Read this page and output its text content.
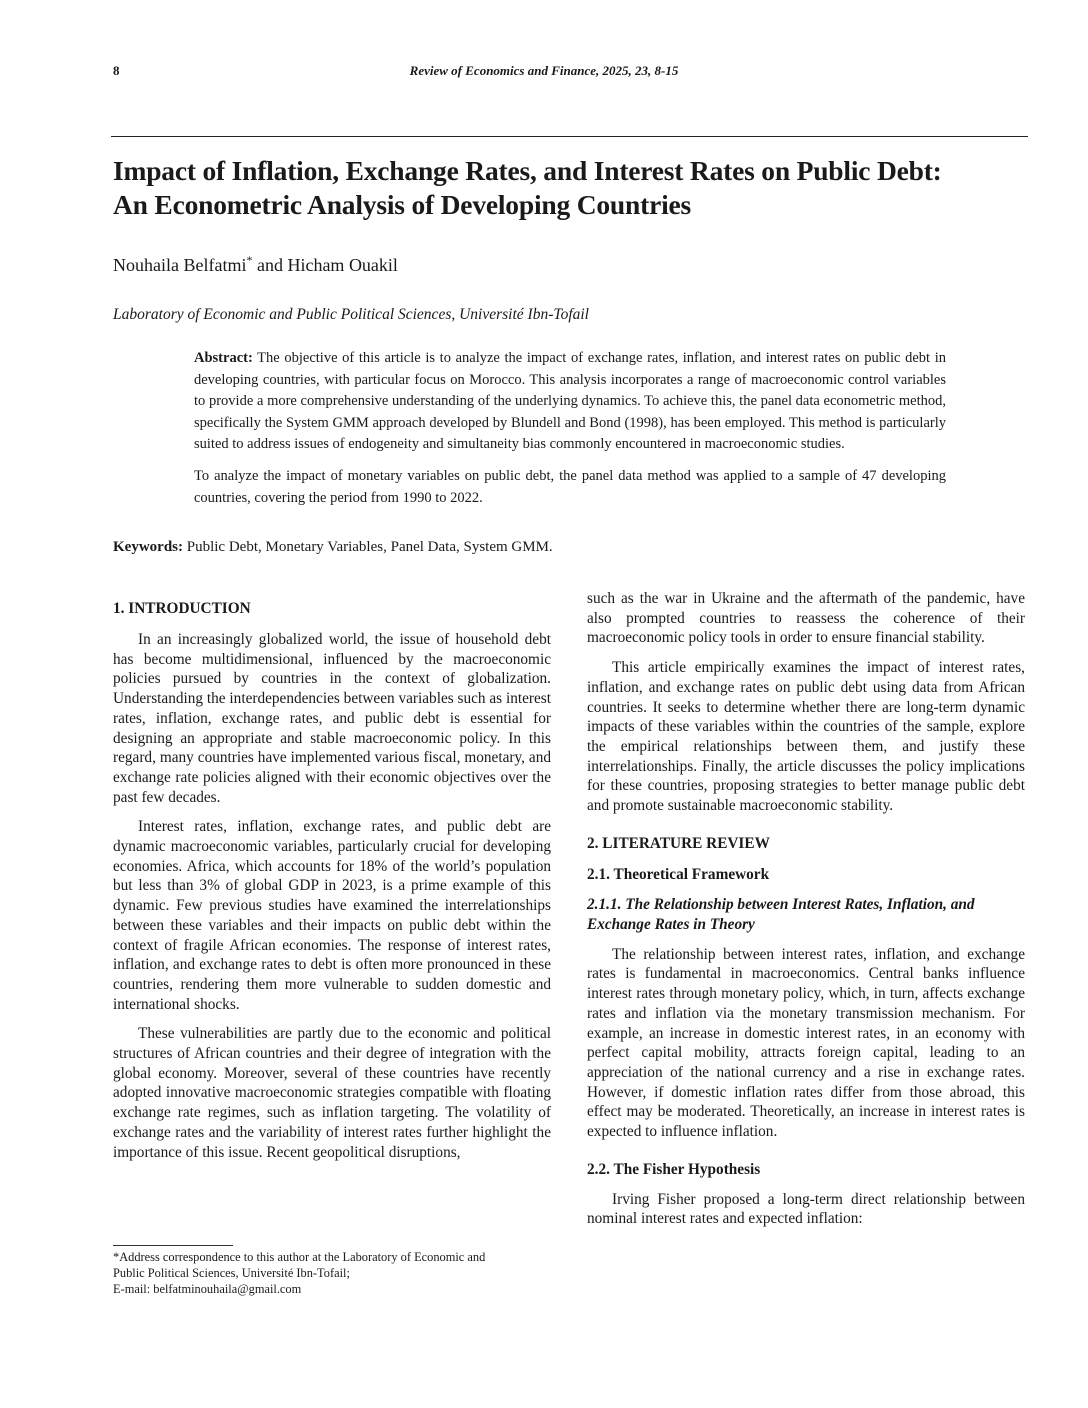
8	Review of Economics and Finance, 2025, 23, 8-15
Impact of Inflation, Exchange Rates, and Interest Rates on Public Debt:
An Econometric Analysis of Developing Countries
Nouhaila Belfatmi* and Hicham Ouakil
Laboratory of Economic and Public Political Sciences, Université Ibn-Tofail

Abstract: The objective of this article is to analyze the impact of exchange rates, inflation, and interest rates on public debt in developing countries, with particular focus on Morocco. This analysis incorporates a range of macroeconomic control variables to provide a more comprehensive understanding of the underlying dynamics. To achieve this, the panel data econometric method, specifically the System GMM approach developed by Blundell and Bond (1998), has been employed. This method is particularly suited to address issues of endogeneity and simultaneity bias commonly encountered in macroeconomic studies.

To analyze the impact of monetary variables on public debt, the panel data method was applied to a sample of 47 developing countries, covering the period from 1990 to 2022.

Keywords: Public Debt, Monetary Variables, Panel Data, System GMM.
1. INTRODUCTION

In an increasingly globalized world, the issue of household debt has become multidimensional, influenced by the macroeconomic policies pursued by countries in the context of globalization. Understanding the interdependencies between variables such as interest rates, inflation, exchange rates, and public debt is essential for designing an appropriate and stable macroeconomic policy. In this regard, many countries have implemented various fiscal, monetary, and exchange rate policies aligned with their economic objectives over the past few decades.

Interest rates, inflation, exchange rates, and public debt are dynamic macroeconomic variables, particularly crucial for developing economies. Africa, which accounts for 18% of the world’s population but less than 3% of global GDP in 2023, is a prime example of this dynamic. Few previous studies have examined the interrelationships between these variables and their impacts on public debt within the context of fragile African economies. The response of interest rates, inflation, and exchange rates to debt is often more pronounced in these countries, rendering them more vulnerable to sudden domestic and international shocks.

These vulnerabilities are partly due to the economic and political structures of African countries and their degree of integration with the global economy. Moreover, several of these countries have recently adopted innovative macroeconomic strategies compatible with floating exchange rate regimes, such as inflation targeting. The volatility of exchange rates and the variability of interest rates further highlight the importance of this issue. Recent geopolitical disruptions,

such as the war in Ukraine and the aftermath of the pandemic, have also prompted countries to reassess the coherence of their macroeconomic policy tools in order to ensure financial stability.

This article empirically examines the impact of interest rates, inflation, and exchange rates on public debt using data from African countries. It seeks to determine whether there are long-term dynamic impacts of these variables within the countries of the sample, explore the empirical relationships between them, and justify these interrelationships. Finally, the article discusses the policy implications for these countries, proposing strategies to better manage public debt and promote sustainable macroeconomic stability.

2. LITERATURE REVIEW
2.1. Theoretical Framework
2.1.1. The Relationship between Interest Rates, Inflation, and Exchange Rates in Theory

The relationship between interest rates, inflation, and exchange rates is fundamental in macroeconomics. Central banks influence interest rates through monetary policy, which, in turn, affects exchange rates and inflation via the monetary transmission mechanism. For example, an increase in domestic interest rates, in an economy with perfect capital mobility, attracts foreign capital, leading to an appreciation of the national currency and a rise in exchange rates. However, if domestic inflation rates differ from those abroad, this effect may be moderated. Theoretically, an increase in interest rates is expected to influence inflation.

2.2. The Fisher Hypothesis

Irving Fisher proposed a long-term direct relationship between nominal interest rates and expected inflation:

*Address correspondence to this author at the Laboratory of Economic and
Public Political Sciences, Université Ibn-Tofail;
E-mail: belfatminouhaila@gmail.com
